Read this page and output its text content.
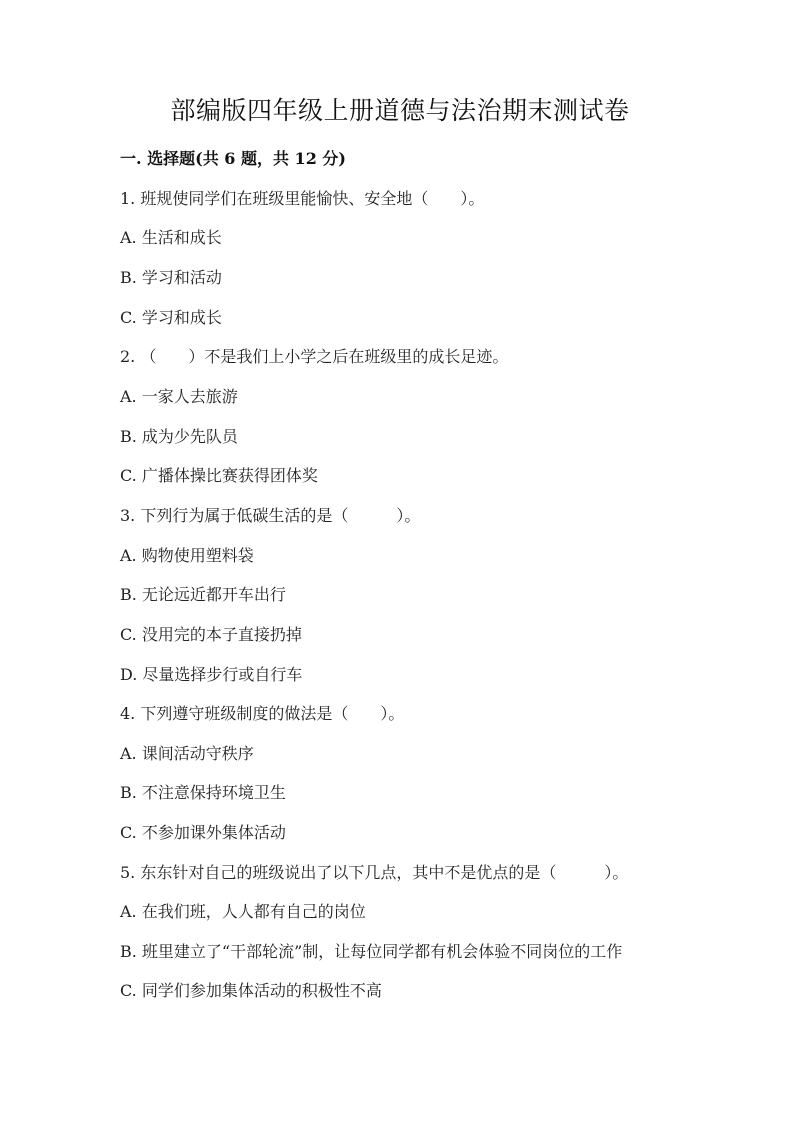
部编版四年级上册道德与法治期末测试卷
一. 选择题(共 6 题，共 12 分)
1. 班规使同学们在班级里能愉快、安全地（　　）。
A. 生活和成长
B. 学习和活动
C. 学习和成长
2. （　　）不是我们上小学之后在班级里的成长足迹。
A. 一家人去旅游
B. 成为少先队员
C. 广播体操比赛获得团体奖
3. 下列行为属于低碳生活的是（　　　）。
A. 购物使用塑料袋
B. 无论远近都开车出行
C. 没用完的本子直接扔掉
D. 尽量选择步行或自行车
4. 下列遵守班级制度的做法是（　　）。
A. 课间活动守秩序
B. 不注意保持环境卫生
C. 不参加课外集体活动
5. 东东针对自己的班级说出了以下几点，其中不是优点的是（　　　）。
A. 在我们班，人人都有自己的岗位
B. 班里建立了“干部轮流”制，让每位同学都有机会体验不同岗位的工作
C. 同学们参加集体活动的积极性不高
